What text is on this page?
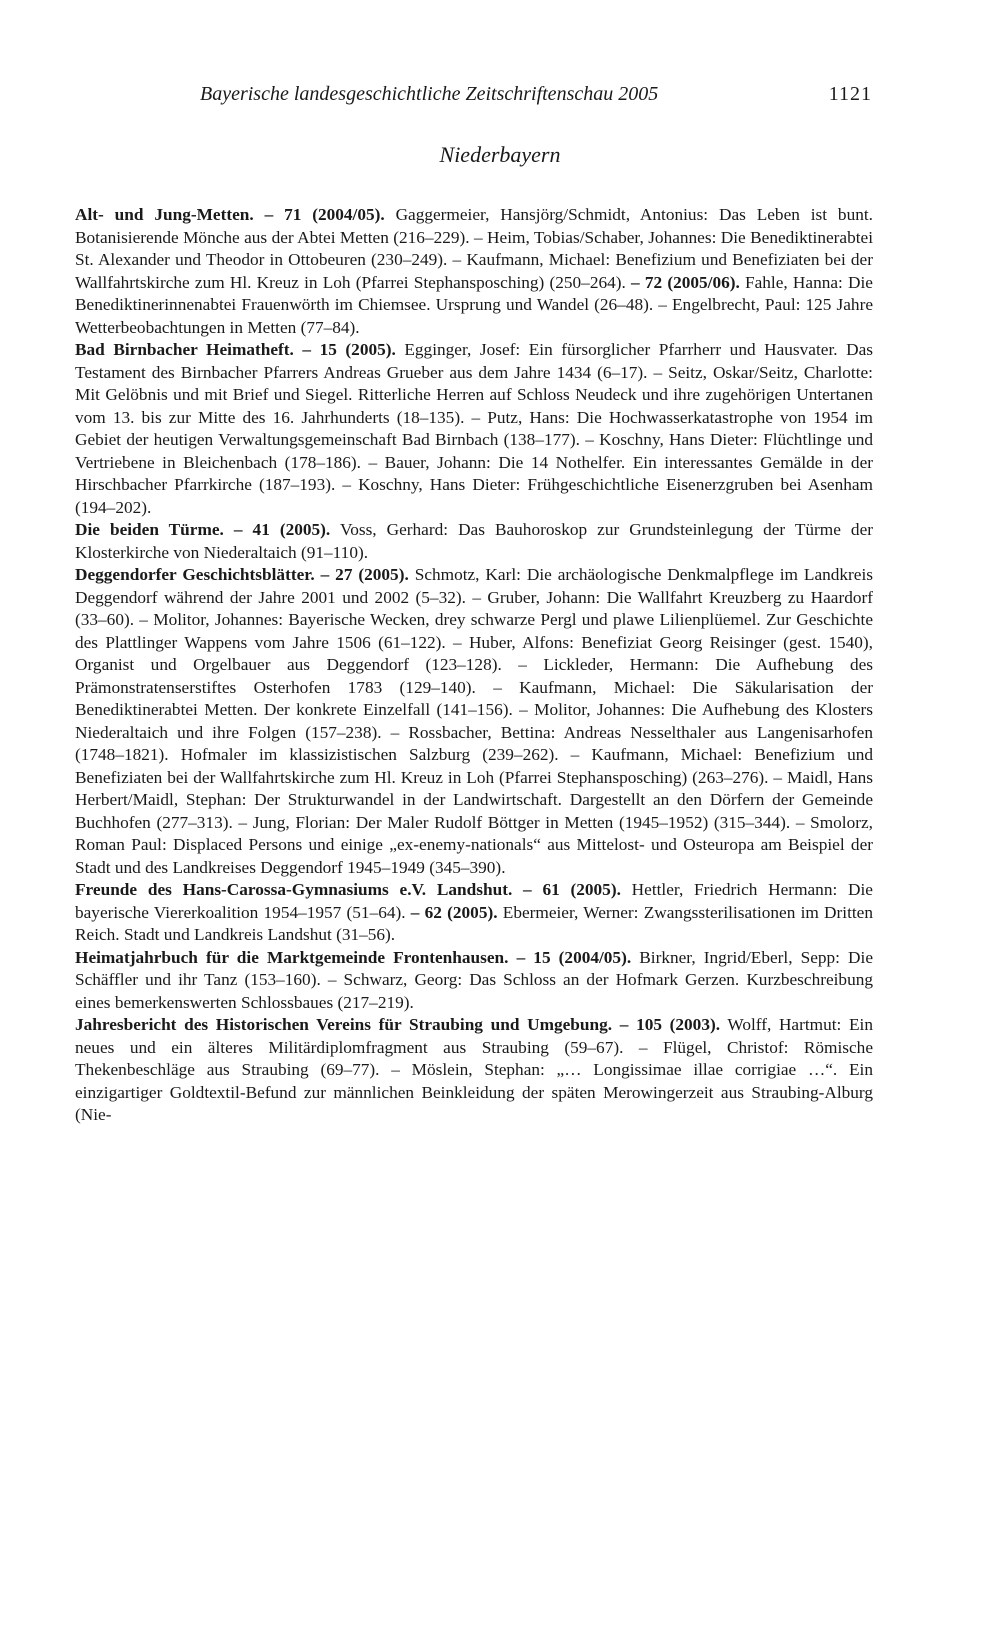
Bayerische landesgeschichtliche Zeitschriftenschau 2005	1121
Niederbayern

Alt- und Jung-Metten. – 71 (2004/05). Gaggermeier, Hansjörg/Schmidt, Antonius: Das Leben ist bunt. Botanisierende Mönche aus der Abtei Metten (216–229). – Heim, Tobias/Schaber, Johannes: Die Benediktinerabtei St. Alexander und Theodor in Ottobeuren (230–249). – Kaufmann, Michael: Benefizium und Benefiziaten bei der Wallfahrtskirche zum Hl. Kreuz in Loh (Pfarrei Stephansposching) (250–264). – 72 (2005/06). Fahle, Hanna: Die Benediktinerinnenabtei Frauenwörth im Chiemsee. Ursprung und Wandel (26–48). – Engelbrecht, Paul: 125 Jahre Wetterbeobachtungen in Metten (77–84).

Bad Birnbacher Heimatheft. – 15 (2005). Egginger, Josef: Ein fürsorglicher Pfarrherr und Hausvater. Das Testament des Birnbacher Pfarrers Andreas Grueber aus dem Jahre 1434 (6–17). – Seitz, Oskar/Seitz, Charlotte: Mit Gelöbnis und mit Brief und Siegel. Ritterliche Herren auf Schloss Neudeck und ihre zugehörigen Untertanen vom 13. bis zur Mitte des 16. Jahrhunderts (18–135). – Putz, Hans: Die Hochwasserkatastrophe von 1954 im Gebiet der heutigen Verwaltungsgemeinschaft Bad Birnbach (138–177). – Koschny, Hans Dieter: Flüchtlinge und Vertriebene in Bleichenbach (178–186). – Bauer, Johann: Die 14 Nothelfer. Ein interessantes Gemälde in der Hirschbacher Pfarrkirche (187–193). – Koschny, Hans Dieter: Frühgeschichtliche Eisenerzgruben bei Asenham (194–202).

Die beiden Türme. – 41 (2005). Voss, Gerhard: Das Bauhoroskop zur Grundsteinlegung der Türme der Klosterkirche von Niederaltaich (91–110).

Deggendorfer Geschichtsblätter. – 27 (2005). Schmotz, Karl: Die archäologische Denkmalpflege im Landkreis Deggendorf während der Jahre 2001 und 2002 (5–32). – Gruber, Johann: Die Wallfahrt Kreuzberg zu Haardorf (33–60). – Molitor, Johannes: Bayerische Wecken, drey schwarze Pergl und plawe Lilienplüemel. Zur Geschichte des Plattlinger Wappens vom Jahre 1506 (61–122). – Huber, Alfons: Benefiziat Georg Reisinger (gest. 1540), Organist und Orgelbauer aus Deggendorf (123–128). – Lickleder, Hermann: Die Aufhebung des Prämonstratenserstiftes Osterhofen 1783 (129–140). – Kaufmann, Michael: Die Säkularisation der Benediktinerabtei Metten. Der konkrete Einzelfall (141–156). – Molitor, Johannes: Die Aufhebung des Klosters Niederaltaich und ihre Folgen (157–238). – Rossbacher, Bettina: Andreas Nesselthaler aus Langenisarhofen (1748–1821). Hofmaler im klassizistischen Salzburg (239–262). – Kaufmann, Michael: Benefizium und Benefiziaten bei der Wallfahrtskirche zum Hl. Kreuz in Loh (Pfarrei Stephansposching) (263–276). – Maidl, Hans Herbert/Maidl, Stephan: Der Strukturwandel in der Landwirtschaft. Dargestellt an den Dörfern der Gemeinde Buchhofen (277–313). – Jung, Florian: Der Maler Rudolf Böttger in Metten (1945–1952) (315–344). – Smolorz, Roman Paul: Displaced Persons und einige „ex-enemy-nationals“ aus Mittelost- und Osteuropa am Beispiel der Stadt und des Landkreises Deggendorf 1945–1949 (345–390).

Freunde des Hans-Carossa-Gymnasiums e.V. Landshut. – 61 (2005). Hettler, Friedrich Hermann: Die bayerische Viererkoalition 1954–1957 (51–64). – 62 (2005). Ebermeier, Werner: Zwangssterilisationen im Dritten Reich. Stadt und Landkreis Landshut (31–56).

Heimatjahrbuch für die Marktgemeinde Frontenhausen. – 15 (2004/05). Birkner, Ingrid/Eberl, Sepp: Die Schäffler und ihr Tanz (153–160). – Schwarz, Georg: Das Schloss an der Hofmark Gerzen. Kurzbeschreibung eines bemerkenswerten Schlossbaues (217–219).

Jahresbericht des Historischen Vereins für Straubing und Umgebung. – 105 (2003). Wolff, Hartmut: Ein neues und ein älteres Militärdiplomfragment aus Straubing (59–67). – Flügel, Christof: Römische Thekenbeschläge aus Straubing (69–77). – Möslein, Stephan: „… Longissimae illae corrigiae …“. Ein einzigartiger Goldtextil-Befund zur männlichen Beinkleidung der späten Merowingerzeit aus Straubing-Alburg (Nie-
